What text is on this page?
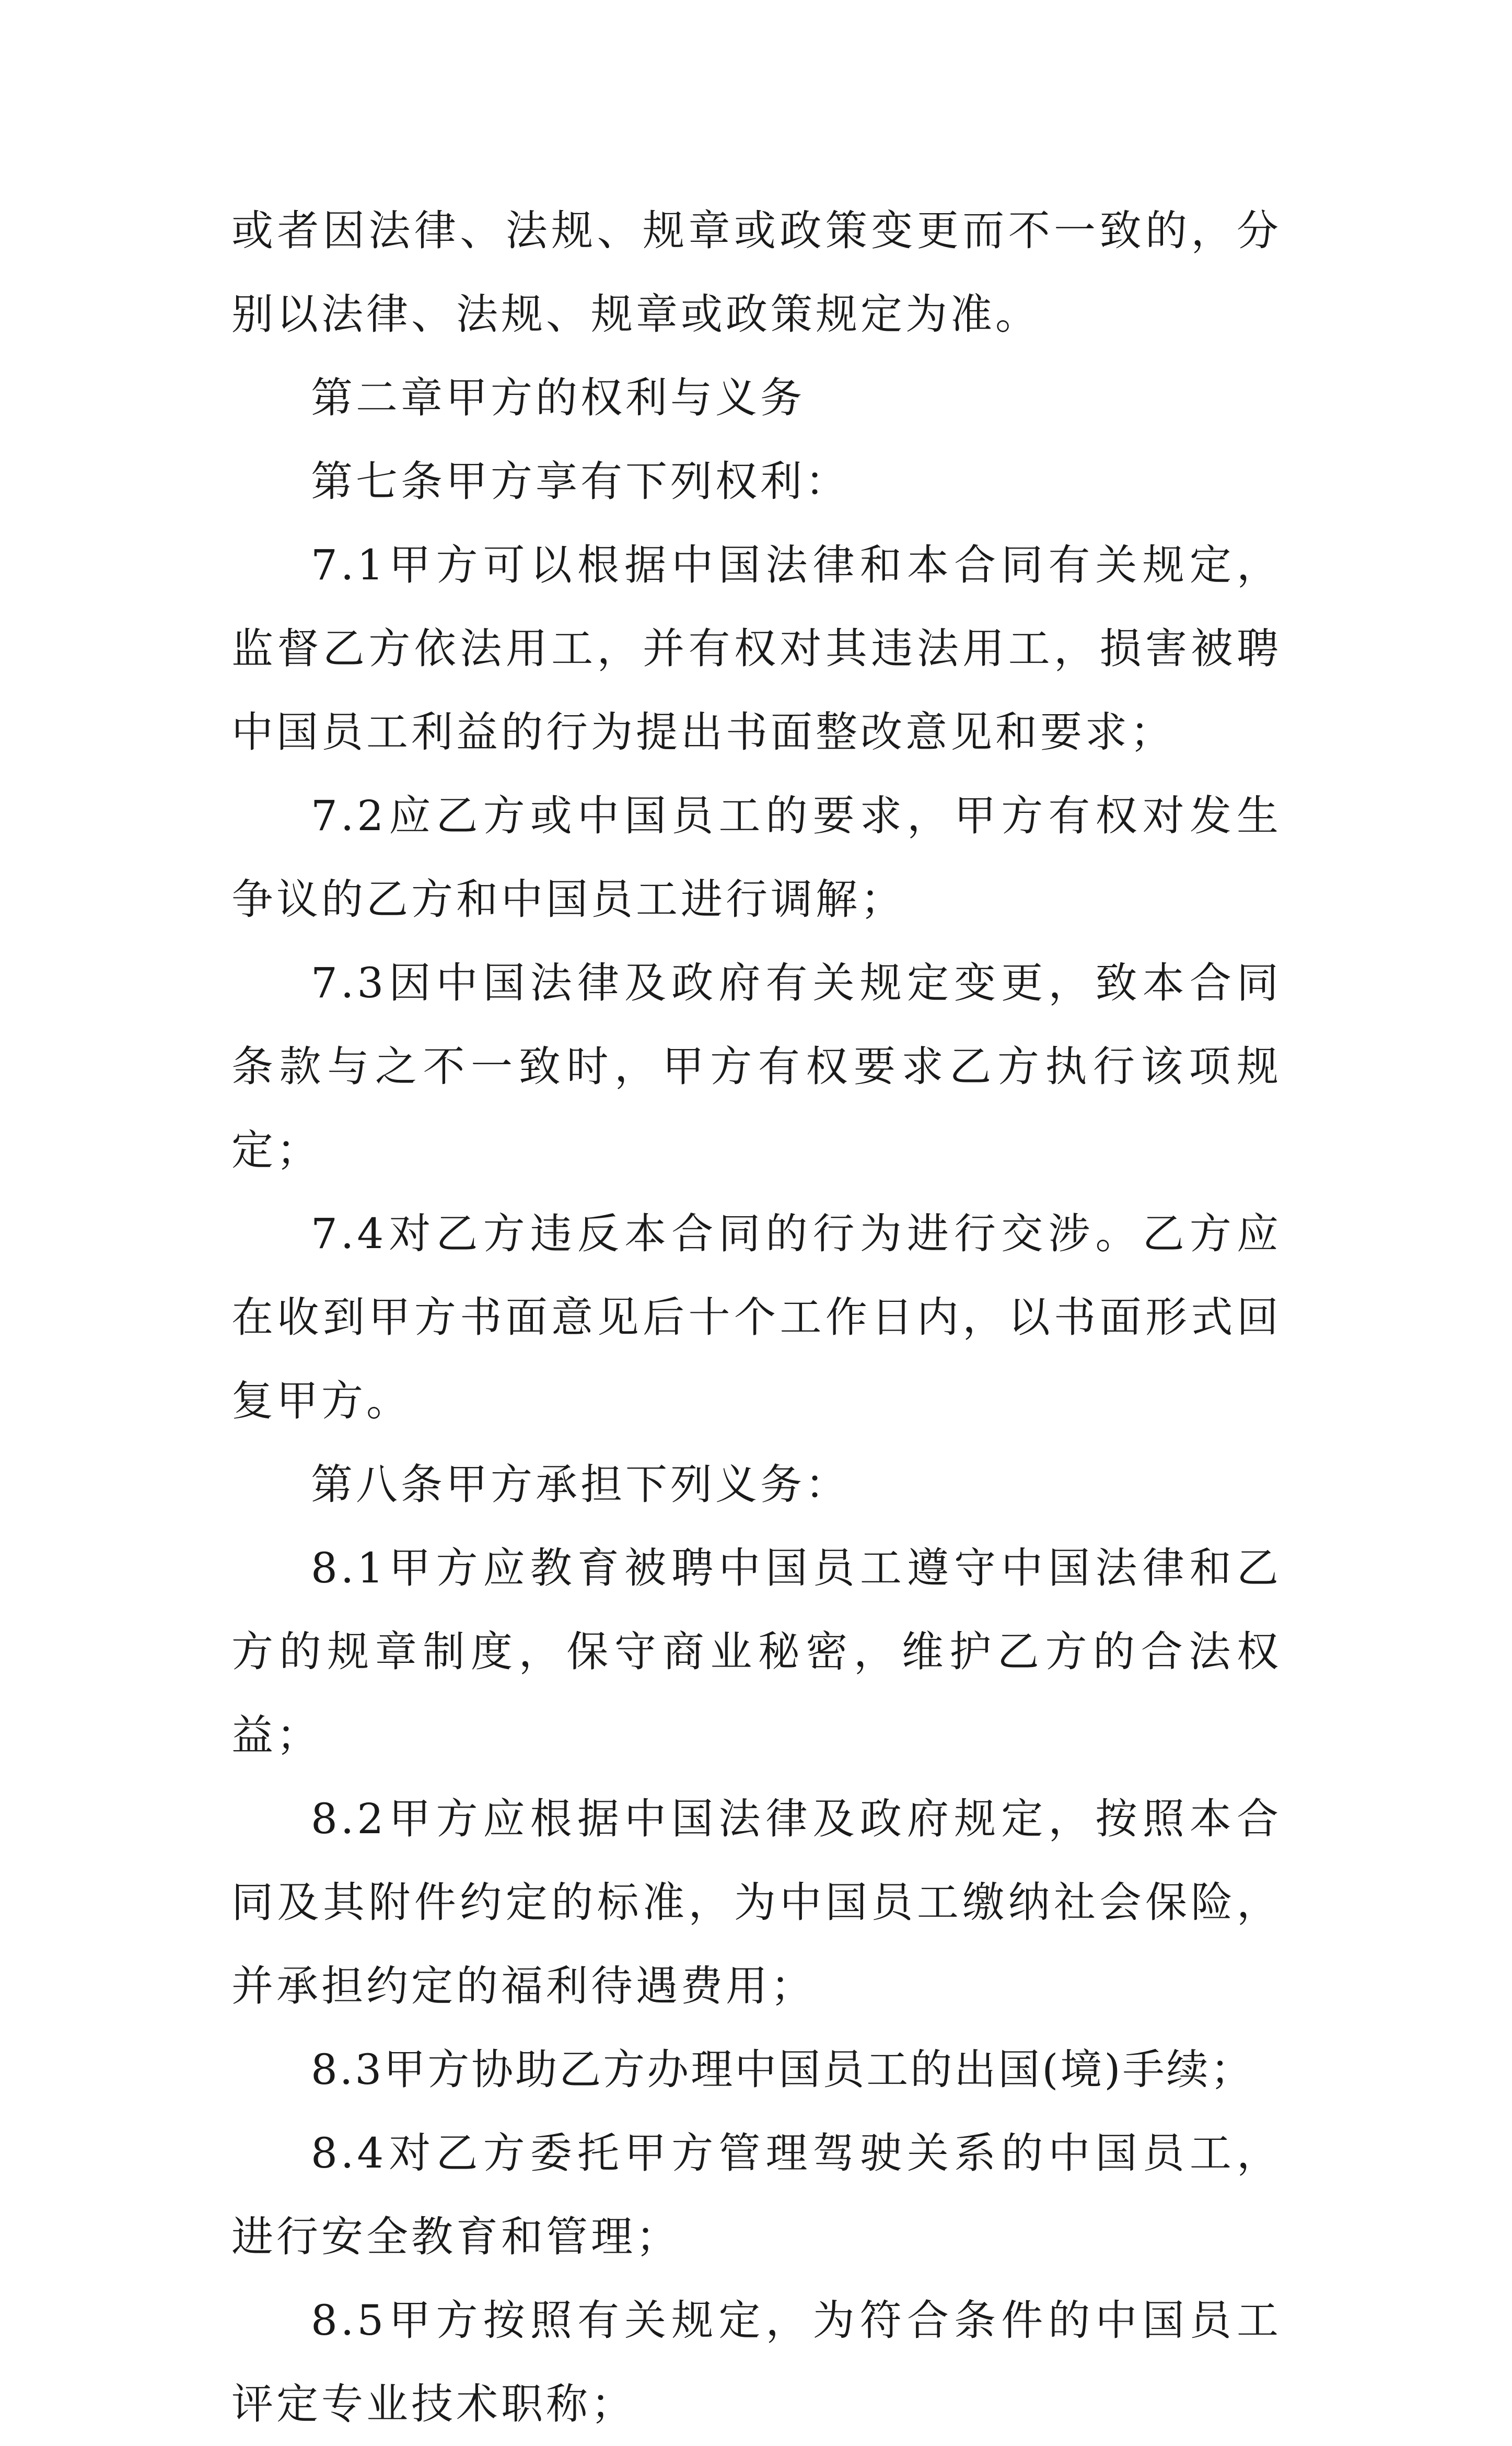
或者因法律、法规、规章或政策变更而不一致的，分别以法律、法规、规章或政策规定为准。

第二章甲方的权利与义务

第七条甲方享有下列权利：

7.1甲方可以根据中国法律和本合同有关规定，监督乙方依法用工，并有权对其违法用工，损害被聘中国员工利益的行为提出书面整改意见和要求；

7.2应乙方或中国员工的要求，甲方有权对发生争议的乙方和中国员工进行调解；

7.3因中国法律及政府有关规定变更，致本合同条款与之不一致时，甲方有权要求乙方执行该项规定；

7.4对乙方违反本合同的行为进行交涉。乙方应在收到甲方书面意见后十个工作日内，以书面形式回复甲方。

第八条甲方承担下列义务：

8.1甲方应教育被聘中国员工遵守中国法律和乙方的规章制度，保守商业秘密，维护乙方的合法权益；

8.2甲方应根据中国法律及政府规定，按照本合同及其附件约定的标准，为中国员工缴纳社会保险，并承担约定的福利待遇费用；

8.3甲方协助乙方办理中国员工的出国(境)手续；

8.4对乙方委托甲方管理驾驶关系的中国员工，进行安全教育和管理；

8.5甲方按照有关规定，为符合条件的中国员工评定专业技术职称；
